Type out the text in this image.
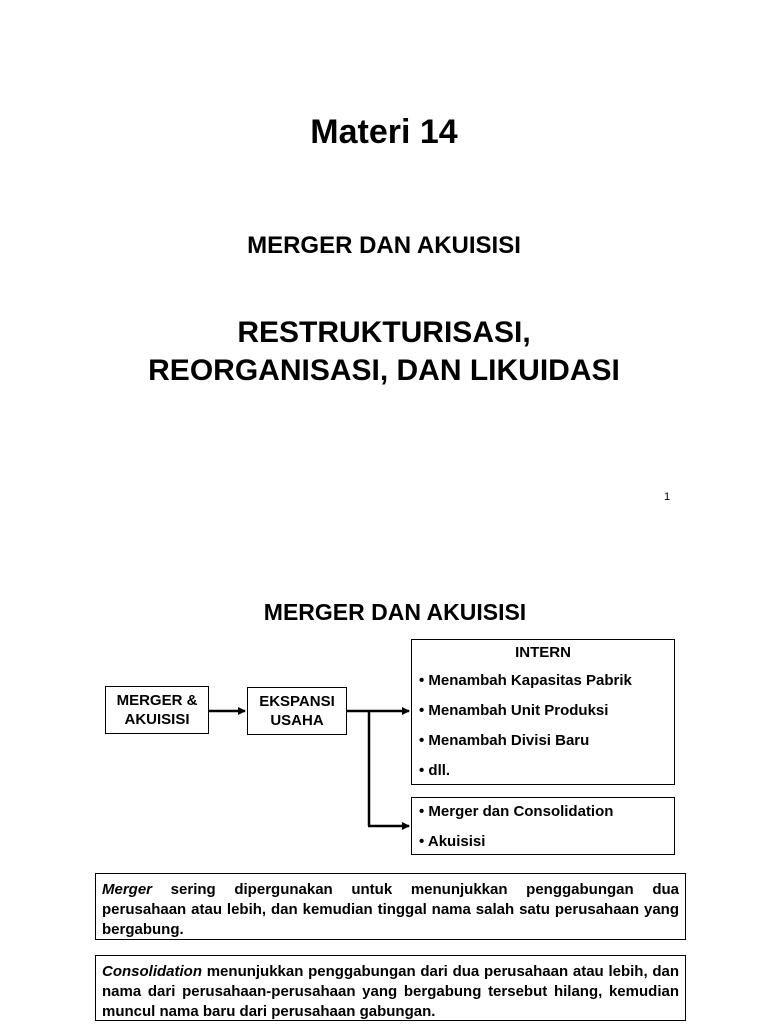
Materi 14
MERGER DAN AKUISISI
RESTRUKTURISASI,
REORGANISASI, DAN LIKUIDASI
1
MERGER DAN AKUISISI
MERGER &
AKUISISI
EKSPANSI
USAHA
INTERN
• Menambah Kapasitas Pabrik
• Menambah Unit Produksi
• Menambah Divisi Baru
• dll.
• Merger dan Consolidation
• Akuisisi
Merger sering dipergunakan untuk menunjukkan penggabungan dua perusahaan atau lebih, dan kemudian tinggal nama salah satu perusahaan yang bergabung.
Consolidation menunjukkan penggabungan dari dua perusahaan atau lebih, dan nama dari perusahaan-perusahaan yang bergabung tersebut hilang, kemudian muncul nama baru dari perusahaan gabungan.
